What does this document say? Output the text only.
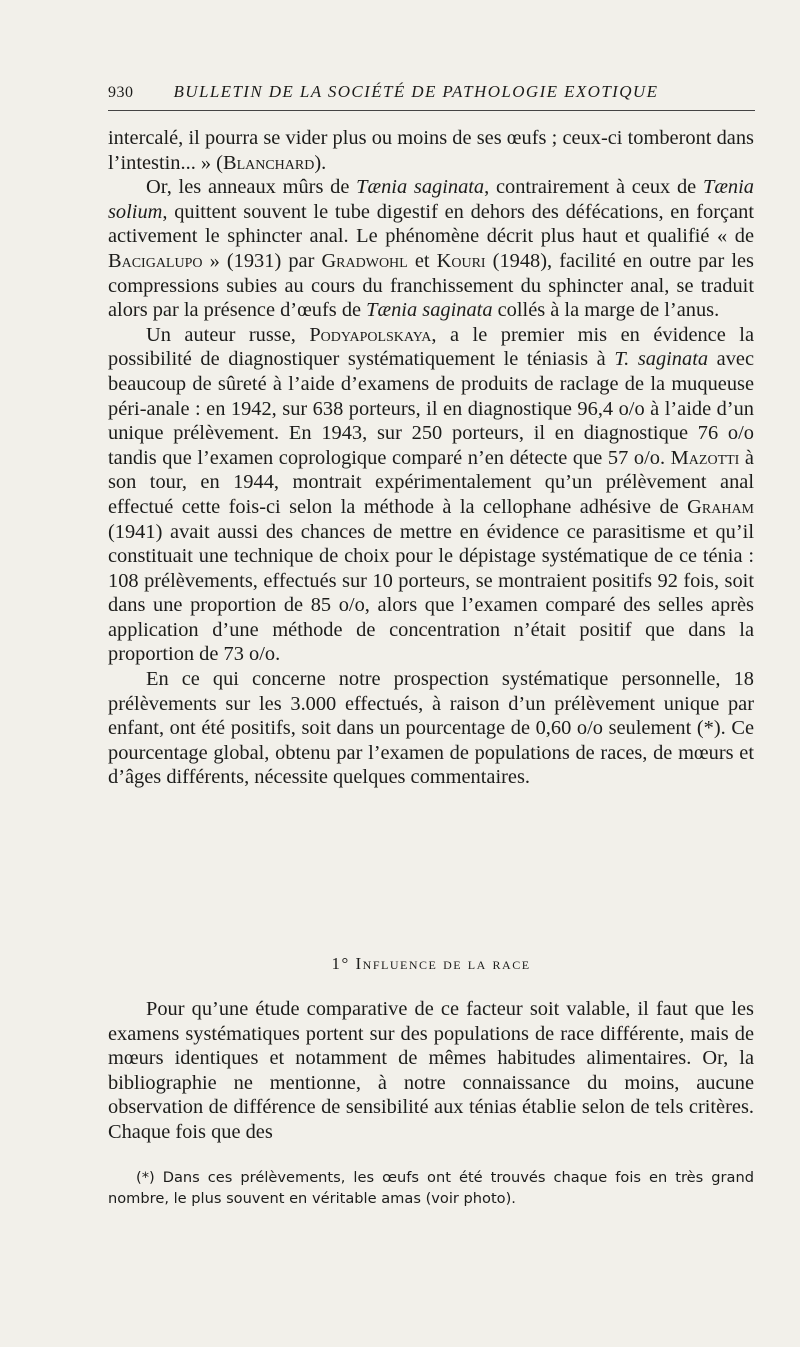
930 BULLETIN DE LA SOCIÉTÉ DE PATHOLOGIE EXOTIQUE

intercalé, il pourra se vider plus ou moins de ses œufs ; ceux-ci tomberont dans l’intestin... » (Blanchard).

Or, les anneaux mûrs de Tænia saginata, contrairement à ceux de Tænia solium, quittent souvent le tube digestif en dehors des défécations, en forçant activement le sphincter anal. Le phénomène décrit plus haut et qualifié « de Bacigalupo » (1931) par Gradwohl et Kouri (1948), facilité en outre par les compressions subies au cours du franchissement du sphincter anal, se traduit alors par la présence d’œufs de Tænia saginata collés à la marge de l’anus.

Un auteur russe, Podyapolskaya, a le premier mis en évidence la possibilité de diagnostiquer systématiquement le téniasis à T. saginata avec beaucoup de sûreté à l’aide d’examens de produits de raclage de la muqueuse péri-anale : en 1942, sur 638 porteurs, il en diagnostique 96,4 o/o à l’aide d’un unique prélèvement. En 1943, sur 250 porteurs, il en diagnostique 76 o/o tandis que l’examen coprologique comparé n’en détecte que 57 o/o. Mazotti à son tour, en 1944, montrait expérimentalement qu’un prélèvement anal effectué cette fois-ci selon la méthode à la cellophane adhésive de Graham (1941) avait aussi des chances de mettre en évidence ce parasitisme et qu’il constituait une technique de choix pour le dépistage systématique de ce ténia : 108 prélèvements, effectués sur 10 porteurs, se montraient positifs 92 fois, soit dans une proportion de 85 o/o, alors que l’examen comparé des selles après application d’une méthode de concentration n’était positif que dans la proportion de 73 o/o.

En ce qui concerne notre prospection systématique personnelle, 18 prélèvements sur les 3.000 effectués, à raison d’un prélèvement unique par enfant, ont été positifs, soit dans un pourcentage de 0,60 o/o seulement (*). Ce pourcentage global, obtenu par l’examen de populations de races, de mœurs et d’âges différents, nécessite quelques commentaires.

1° Influence de la race

Pour qu’une étude comparative de ce facteur soit valable, il faut que les examens systématiques portent sur des populations de race différente, mais de mœurs identiques et notamment de mêmes habitudes alimentaires. Or, la bibliographie ne mentionne, à notre connaissance du moins, aucune observation de différence de sensibilité aux ténias établie selon de tels critères. Chaque fois que des

(*) Dans ces prélèvements, les œufs ont été trouvés chaque fois en très grand nombre, le plus souvent en véritable amas (voir photo).
